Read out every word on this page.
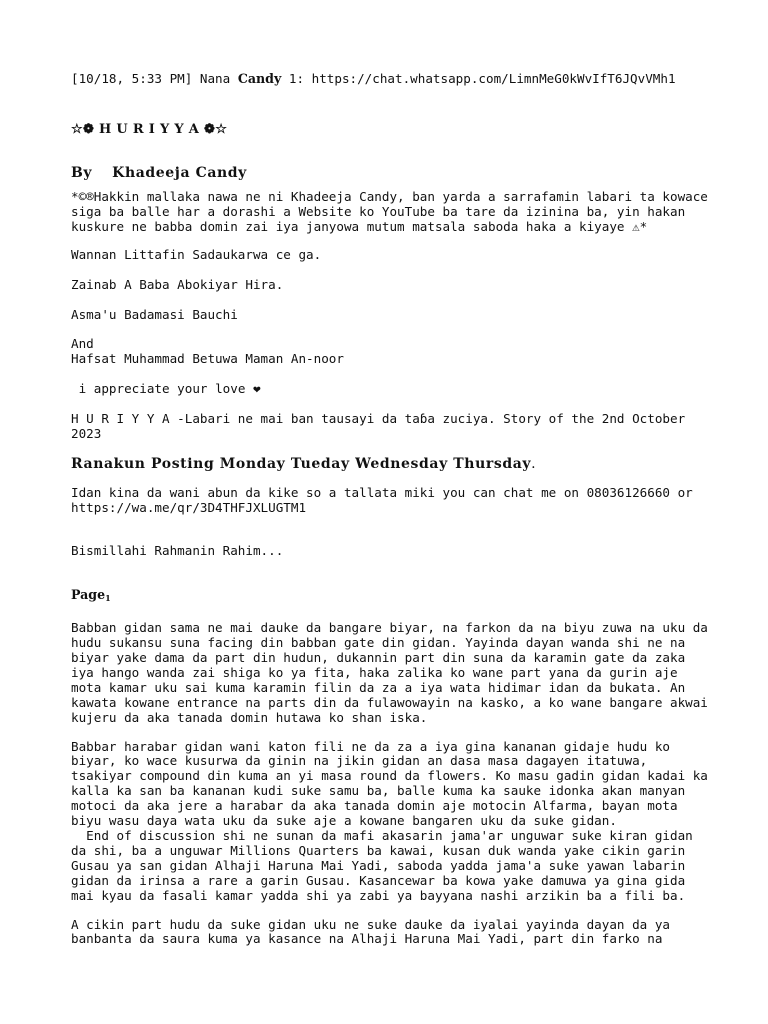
[10/18, 5:33 PM] Nana Candy 1: https://chat.whatsapp.com/LimnMeG0kWvIfT6JQvVMh1

☆❁ H U R I Y Y A ❁☆

By Khadeeja Candy

*©®Hakkin mallaka nawa ne ni Khadeeja Candy, ban yarda a sarrafamin labari ta kowace siga ba balle har a dorashi a Website ko YouTube ba tare da izinina ba, yin hakan kuskure ne babba domin zai iya janyowa mutum matsala saboda haka a kiyaye ⚠*

Wannan Littafin Sadaukarwa ce ga.

Zainab A Baba Abokiyar Hira.

Asma'u Badamasi Bauchi

And

Hafsat Muhammad Betuwa Maman An-noor

i appreciate your love ❤

H U R I Y Y A -Labari ne mai ban tausayi da taɓa zuciya. Story of the 2nd October 2023

Ranakun Posting Monday Tueday Wednesday Thursday.

Idan kina da wani abun da kike so a tallata miki you can chat me on 08036126660 or https://wa.me/qr/3D4THFJXLUGTM1

Bismillahi Rahmanin Rahim...

Page$_1$

Babban gidan sama ne mai dauke da bangare biyar, na farkon da na biyu zuwa na uku da hudu sukansu suna facing din babban gate din gidan. Yayinda dayan wanda shi ne na biyar yake dama da part din hudun, dukannin part din suna da karamin gate da zaka iya hango wanda zai shiga ko ya fita, haka zalika ko wane part yana da gurin aje mota kamar uku sai kuma karamin filin da za a iya wata hidimar idan da bukata. An kawata kowane entrance na parts din da fulawowayin na kasko, a ko wane bangare akwai kujeru da aka tanada domin hutawa ko shan iska.

Babbar harabar gidan wani katon fili ne da za a iya gina kananan gidaje hudu ko biyar, ko wace kusurwa da ginin na jikin gidan an dasa masa dagayen itatuwa, tsakiyar compound din kuma an yi masa round da flowers. Ko masu gadin gidan kadai ka kalla ka san ba kananan kudi suke samu ba, balle kuma ka sauke idonka akan manyan  motoci da aka jere a harabar da aka tanada domin aje motocin Alfarma, bayan mota biyu wasu daya wata uku da suke aje a kowane bangaren uku da suke gidan.
End of discussion shi ne sunan da mafi akasarin jama'ar unguwar suke kiran gidan da shi, ba a unguwar Millions Quarters ba kawai, kusan duk wanda yake cikin garin Gusau ya san gidan Alhaji Haruna Mai Yadi, saboda yadda jama'a suke yawan labarin gidan da irinsa a rare a garin Gusau. Kasancewar ba kowa yake damuwa ya gina gida mai kyau da fasali kamar yadda shi ya zabi ya bayyana nashi arzikin ba a fili ba.

A cikin part hudu da suke gidan uku ne suke dauke da iyalai yayinda dayan da ya banbanta da saura kuma ya kasance na Alhaji Haruna Mai Yadi, part din farko na
